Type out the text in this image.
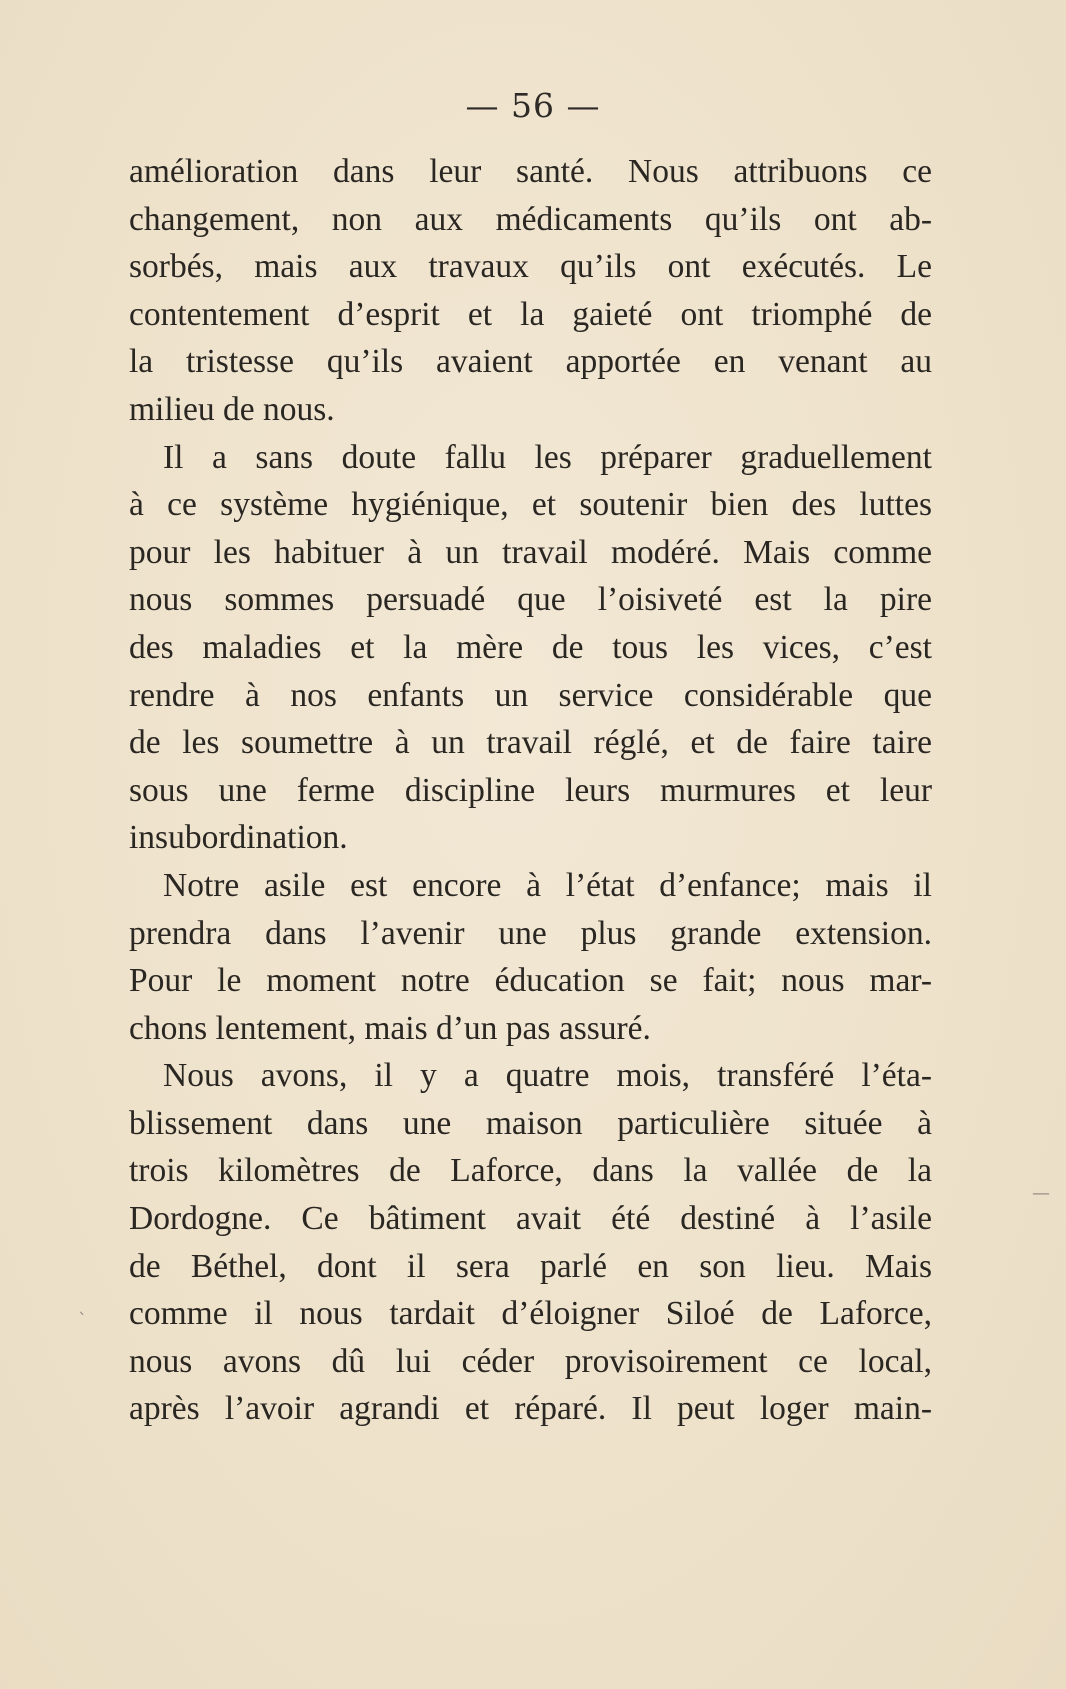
— 56 —
amélioration dans leur santé. Nous attribuons ce
changement, non aux médicaments qu’ils ont ab-
sorbés, mais aux travaux qu’ils ont exécutés. Le
contentement d’esprit et la gaieté ont triomphé de
la tristesse qu’ils avaient apportée en venant au
milieu de nous.
Il a sans doute fallu les préparer graduellement
à ce système hygiénique, et soutenir bien des luttes
pour les habituer à un travail modéré. Mais comme
nous sommes persuadé que l’oisiveté est la pire
des maladies et la mère de tous les vices, c’est
rendre à nos enfants un service considérable que
de les soumettre à un travail réglé, et de faire taire
sous une ferme discipline leurs murmures et leur
insubordination.
Notre asile est encore à l’état d’enfance; mais il
prendra dans l’avenir une plus grande extension.
Pour le moment notre éducation se fait; nous mar-
chons lentement, mais d’un pas assuré.
Nous avons, il y a quatre mois, transféré l’éta-
blissement dans une maison particulière située à
trois kilomètres de Laforce, dans la vallée de la
Dordogne. Ce bâtiment avait été destiné à l’asile
de Béthel, dont il sera parlé en son lieu. Mais
comme il nous tardait d’éloigner Siloé de Laforce,
nous avons dû lui céder provisoirement ce local,
après l’avoir agrandi et réparé. Il peut loger main-
—
`
